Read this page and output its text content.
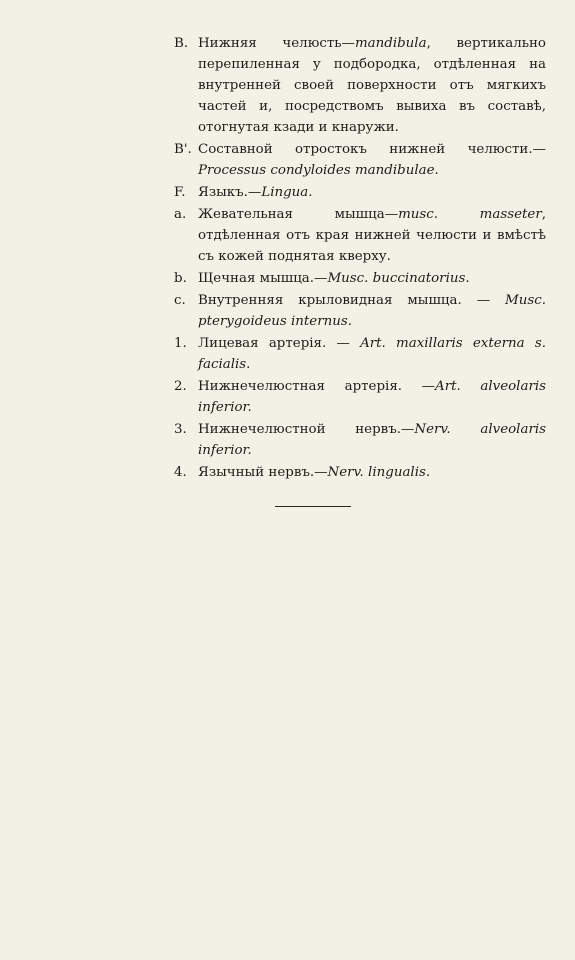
B. Нижняя челюсть—mandibula, вертикально перепиленная у подбородка, отдѣленная на внутренней своей поверхности отъ мягкихъ частей и, посредствомъ вывиха въ составѣ, отогнутая кзади и кнаружи.
B'. Составной отростокъ нижней челюсти.—Processus condyloides mandibulae.
F. Языкъ.—Lingua.
a. Жевательная мышца—musc. masseter, отдѣленная отъ края нижней челюсти и вмѣстѣ съ кожей поднятая кверху.
b. Щечная мышца.—Musc. buccinatorius.
c. Внутренняя крыловидная мышца. — Musc. pterygoideus internus.
1. Лицевая артерія. — Art. maxillaris externa s. facialis.
2. Нижнечелюстная артерія. —Art. alveolaris inferior.
3. Нижнечелюстной нервъ.—Nerv. alveolaris inferior.
4. Язычный нервъ.—Nerv. lingualis.
